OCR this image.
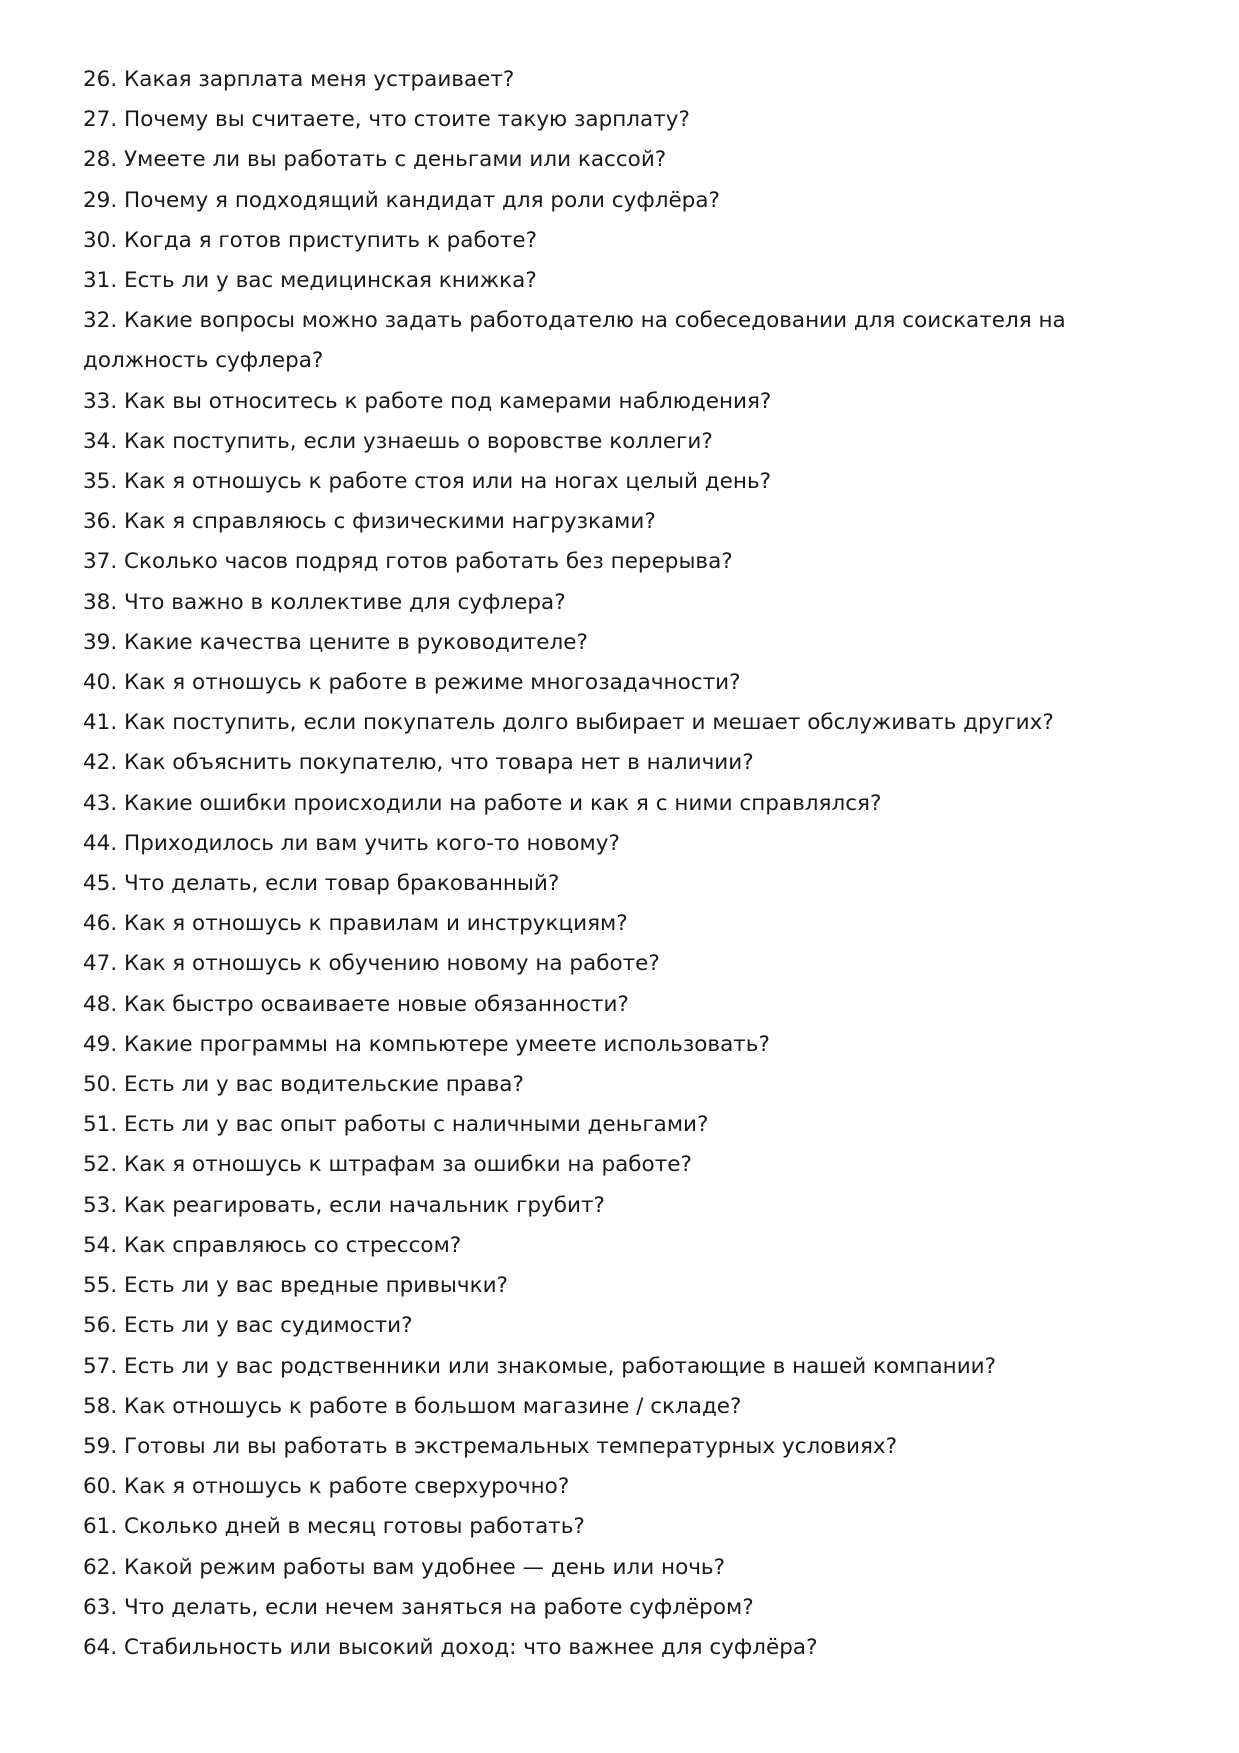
26. Какая зарплата меня устраивает?
27. Почему вы считаете, что стоите такую зарплату?
28. Умеете ли вы работать с деньгами или кассой?
29. Почему я подходящий кандидат для роли суфлёра?
30. Когда я готов приступить к работе?
31. Есть ли у вас медицинская книжка?
32. Какие вопросы можно задать работодателю на собеседовании для соискателя на должность суфлера?
33. Как вы относитесь к работе под камерами наблюдения?
34. Как поступить, если узнаешь о воровстве коллеги?
35. Как я отношусь к работе стоя или на ногах целый день?
36. Как я справляюсь с физическими нагрузками?
37. Сколько часов подряд готов работать без перерыва?
38. Что важно в коллективе для суфлера?
39. Какие качества цените в руководителе?
40. Как я отношусь к работе в режиме многозадачности?
41. Как поступить, если покупатель долго выбирает и мешает обслуживать других?
42. Как объяснить покупателю, что товара нет в наличии?
43. Какие ошибки происходили на работе и как я с ними справлялся?
44. Приходилось ли вам учить кого-то новому?
45. Что делать, если товар бракованный?
46. Как я отношусь к правилам и инструкциям?
47. Как я отношусь к обучению новому на работе?
48. Как быстро осваиваете новые обязанности?
49. Какие программы на компьютере умеете использовать?
50. Есть ли у вас водительские права?
51. Есть ли у вас опыт работы с наличными деньгами?
52. Как я отношусь к штрафам за ошибки на работе?
53. Как реагировать, если начальник грубит?
54. Как справляюсь со стрессом?
55. Есть ли у вас вредные привычки?
56. Есть ли у вас судимости?
57. Есть ли у вас родственники или знакомые, работающие в нашей компании?
58. Как отношусь к работе в большом магазине / складе?
59. Готовы ли вы работать в экстремальных температурных условиях?
60. Как я отношусь к работе сверхурочно?
61. Сколько дней в месяц готовы работать?
62. Какой режим работы вам удобнее — день или ночь?
63. Что делать, если нечем заняться на работе суфлёром?
64. Стабильность или высокий доход: что важнее для суфлёра?
